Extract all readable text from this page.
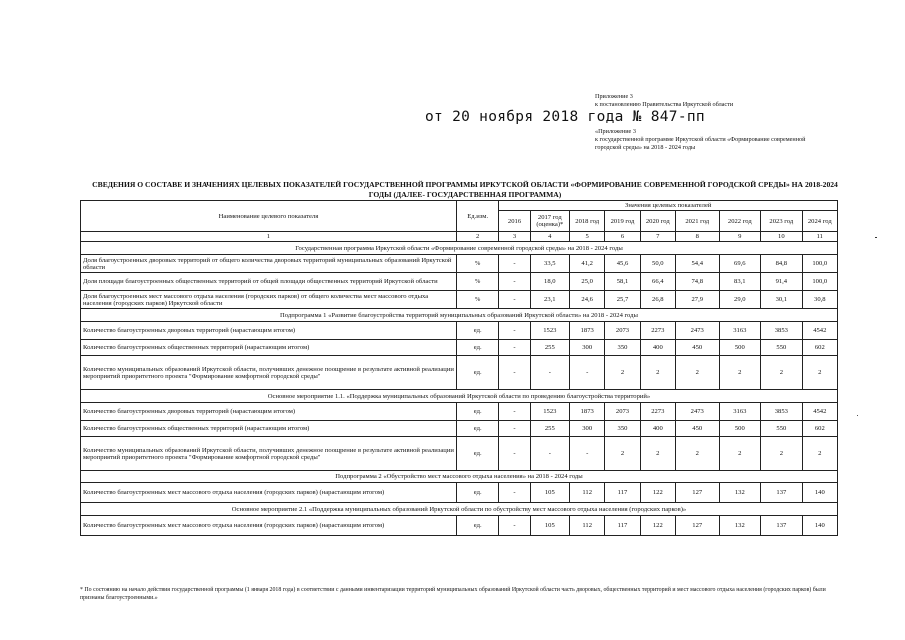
Приложение 3
к постановлению Правительства Иркутской области
от 20 ноября 2018 года № 847-пп
«Приложение 3
к государственной программе Иркутской области «Формирование современной
городской среды» на 2018 - 2024 годы
СВЕДЕНИЯ О СОСТАВЕ И ЗНАЧЕНИЯХ ЦЕЛЕВЫХ ПОКАЗАТЕЛЕЙ ГОСУДАРСТВЕННОЙ ПРОГРАММЫ ИРКУТСКОЙ ОБЛАСТИ «ФОРМИРОВАНИЕ СОВРЕМЕННОЙ ГОРОДСКОЙ СРЕДЫ» НА 2018-2024 ГОДЫ (ДАЛЕЕ- ГОСУДАРСТВЕННАЯ ПРОГРАММА)
Наименование целевого показателя	Ед.изм.	Значения целевых показателей								
		2016	2017 год (оценка)*	2018 год	2019 год	2020 год	2021 год	2022 год	2023 год	2024 год
1	2	3	4	5	6	7	8	9	10	11
Государственная программа Иркутской области «Формирование современной городской среды» на 2018 - 2024 годы										
Доля благоустроенных дворовых территорий от общего количества дворовых территорий муниципальных образований Иркутской области	%	-	33,5	41,2	45,6	50,0	54,4	69,6	84,8	100,0
Доля площади благоустроенных общественных территорий от общей площади общественных территорий Иркутской области	%	-	18,0	25,0	58,1	66,4	74,8	83,1	91,4	100,0
Доля благоустроенных мест массового отдыха населения (городских парков) от общего количества мест массового отдыха населения (городских парков) Иркутской области	%	-	23,1	24,6	25,7	26,8	27,9	29,0	30,1	30,8
Подпрограмма 1 «Развитие благоустройства территорий муниципальных образований Иркутской области» на 2018 - 2024 годы										
Количество благоустроенных дворовых территорий (нарастающим итогом)	ед.	-	1523	1873	2073	2273	2473	3163	3853	4542
Количество благоустроенных общественных территорий (нарастающим итогом)	ед.	-	255	300	350	400	450	500	550	602
Количество муниципальных образований Иркутской области, получивших денежное поощрение в результате активной реализации мероприятий приоритетного проекта "Формирование комфортной городской среды"	ед.	-	-	-	2	2	2	2	2	2
Основное мероприятие 1.1. «Поддержка муниципальных образований Иркутской области по проведению благоустройства территорий»										
Количество благоустроенных дворовых территорий (нарастающим итогом)	ед.	-	1523	1873	2073	2273	2473	3163	3853	4542
Количество благоустроенных общественных территорий (нарастающим итогом)	ед.	-	255	300	350	400	450	500	550	602
Количество муниципальных образований Иркутской области, получивших денежное поощрение в результате активной реализации мероприятий приоритетного проекта "Формирование комфортной городской среды"	ед.	-	-	-	2	2	2	2	2	2
Подпрограмма 2 «Обустройство мест массового отдыха населения» на 2018 - 2024 годы										
Количество благоустроенных мест массового отдыха населения (городских парков) (нарастающим итогом)	ед.	-	105	112	117	122	127	132	137	140
Основное мероприятие 2.1 «Поддержка муниципальных образований Иркутской области по обустройству мест массового отдыха населения (городских парков)»										
Количество благоустроенных мест массового отдыха населения (городских парков) (нарастающим итогом)	ед.	-	105	112	117	122	127	132	137	140
* По состоянию на начало действия государственной программы (1 января 2018 года) в соответствии с данными инвентаризации территорий муниципальных образований Иркутской области часть дворовых, общественных территорий и мест массового отдыха населения (городских парков) были признаны благоустроенными.»
